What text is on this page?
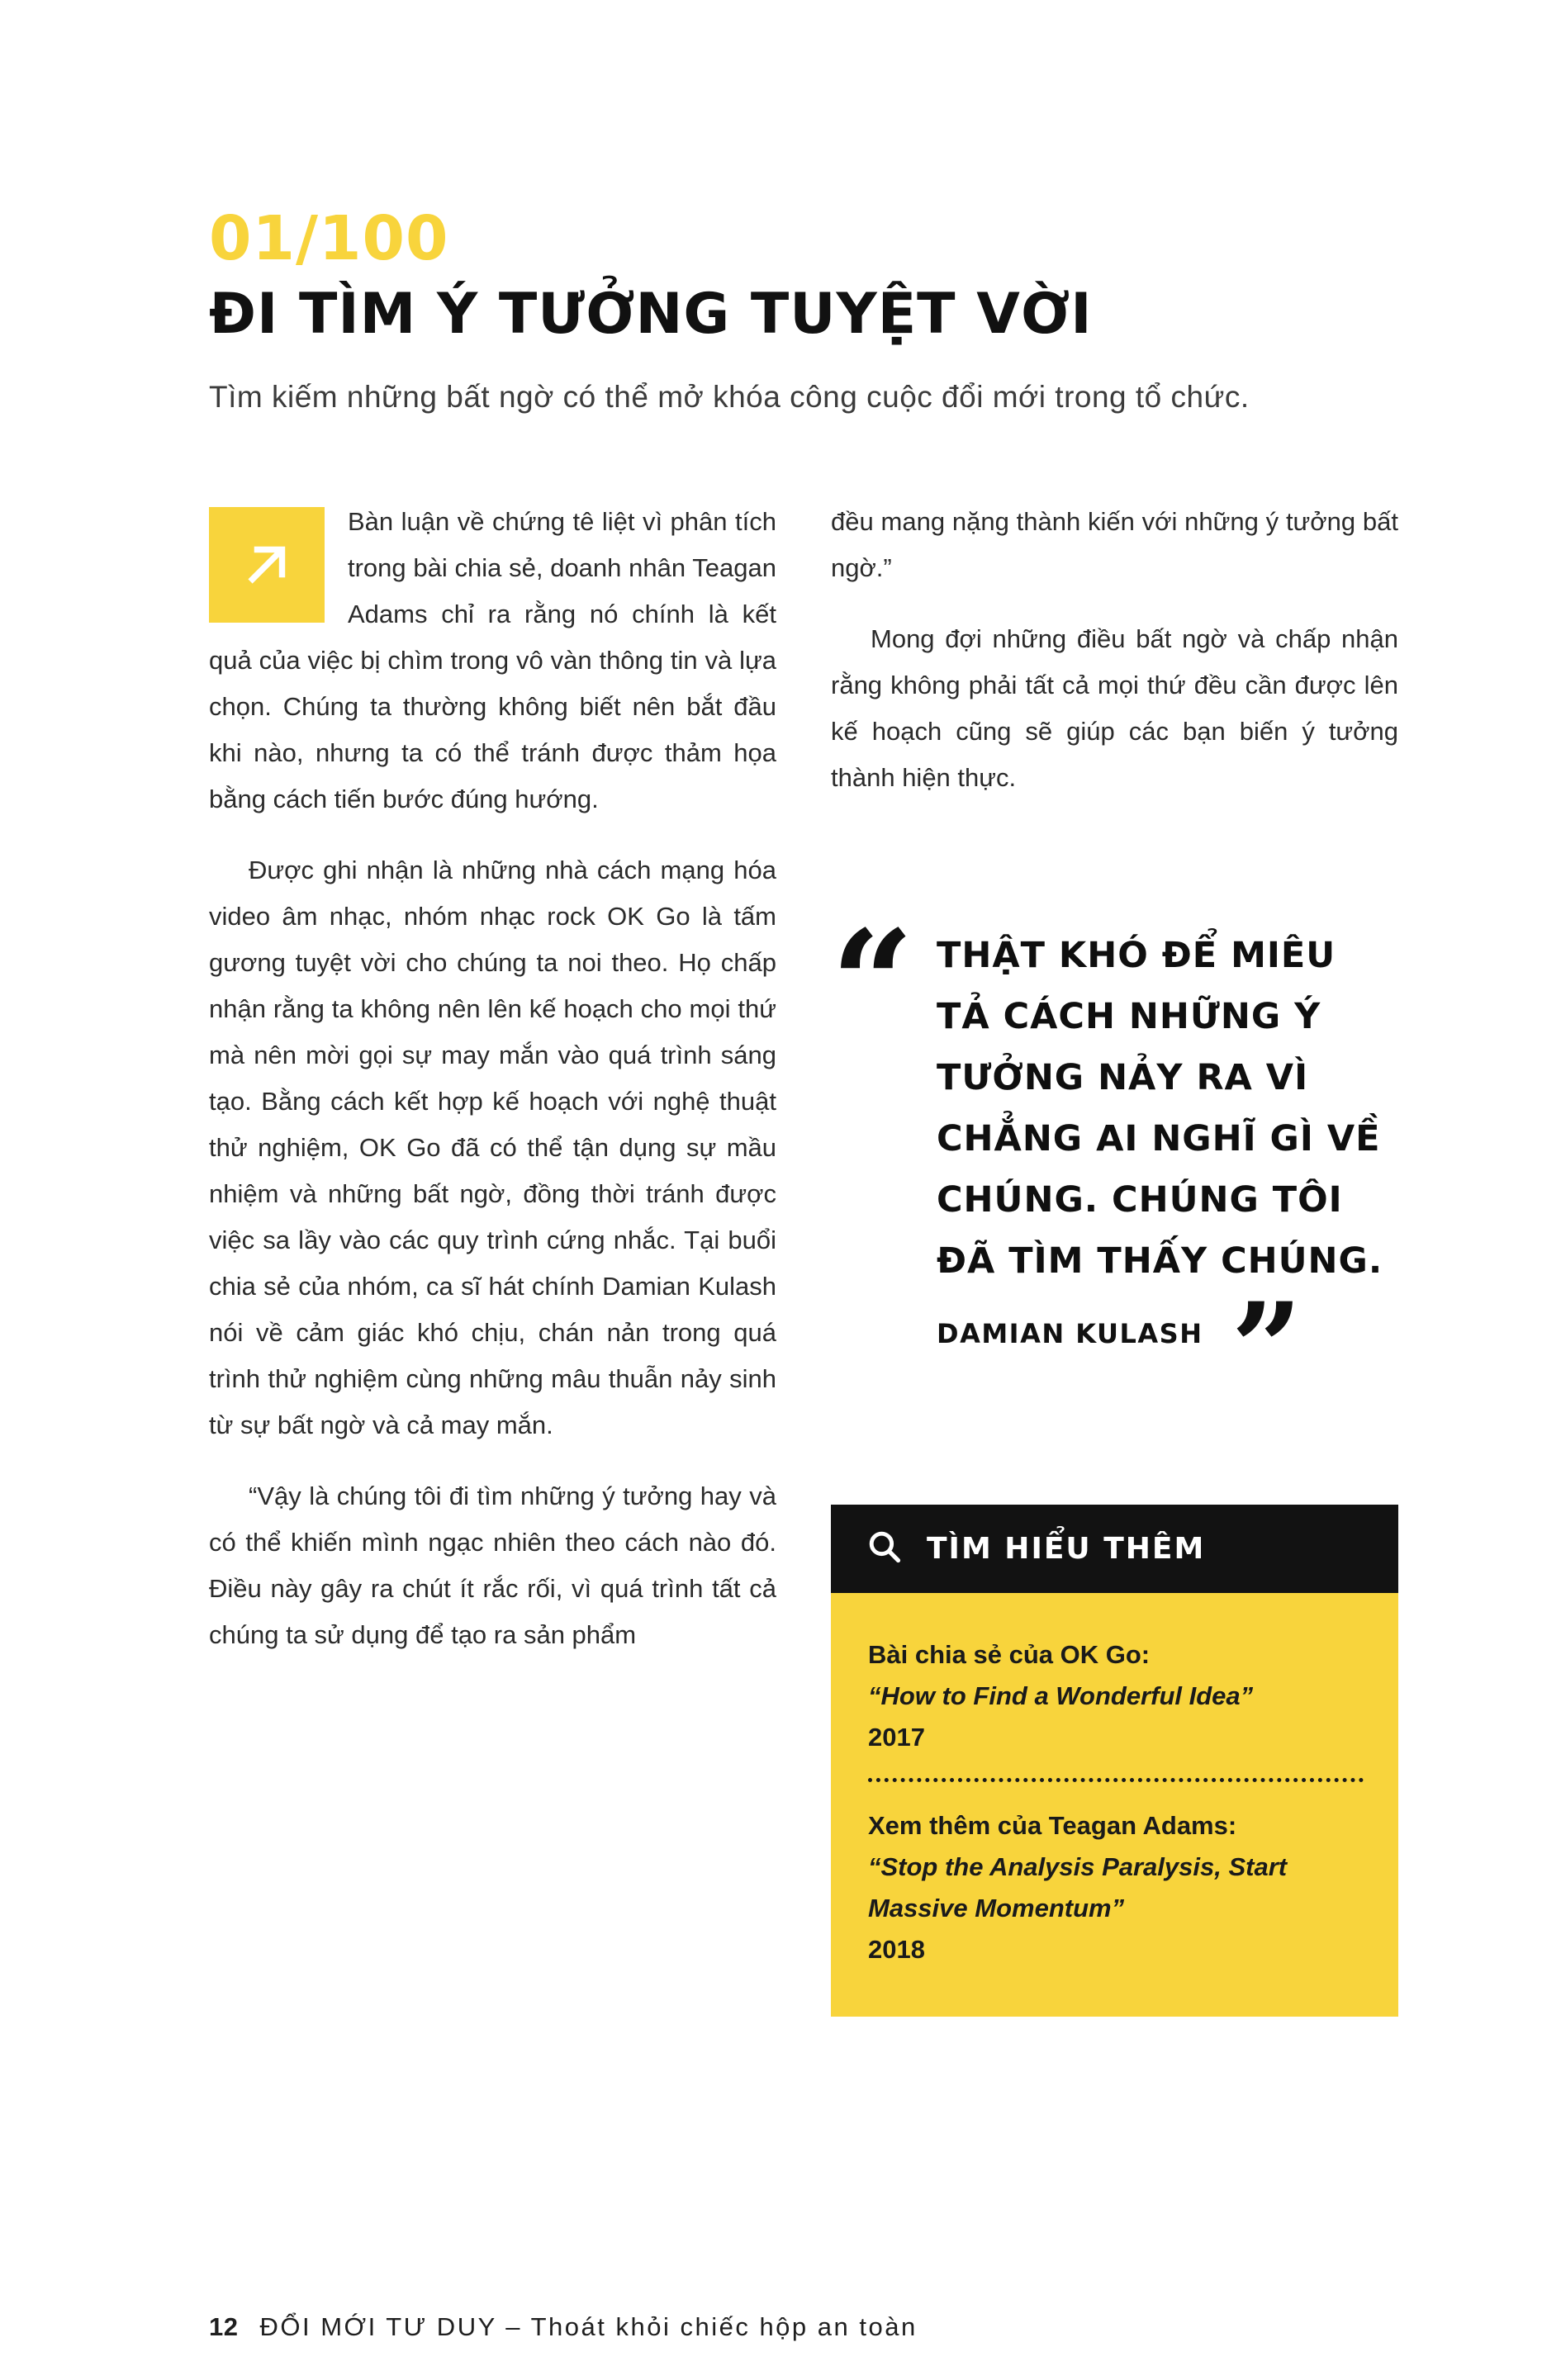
01/100
ĐI TÌM Ý TƯỞNG TUYỆT VỜI

Tìm kiếm những bất ngờ có thể mở khóa công cuộc đổi mới trong tổ chức.

Bàn luận về chứng tê liệt vì phân tích trong bài chia sẻ, doanh nhân Teagan Adams chỉ ra rằng nó chính là kết quả của việc bị chìm trong vô vàn thông tin và lựa chọn. Chúng ta thường không biết nên bắt đầu khi nào, nhưng ta có thể tránh được thảm họa bằng cách tiến bước đúng hướng.

Được ghi nhận là những nhà cách mạng hóa video âm nhạc, nhóm nhạc rock OK Go là tấm gương tuyệt vời cho chúng ta noi theo. Họ chấp nhận rằng ta không nên lên kế hoạch cho mọi thứ mà nên mời gọi sự may mắn vào quá trình sáng tạo. Bằng cách kết hợp kế hoạch với nghệ thuật thử nghiệm, OK Go đã có thể tận dụng sự mầu nhiệm và những bất ngờ, đồng thời tránh được việc sa lầy vào các quy trình cứng nhắc. Tại buổi chia sẻ của nhóm, ca sĩ hát chính Damian Kulash nói về cảm giác khó chịu, chán nản trong quá trình thử nghiệm cùng những mâu thuẫn nảy sinh từ sự bất ngờ và cả may mắn.

“Vậy là chúng tôi đi tìm những ý tưởng hay và có thể khiến mình ngạc nhiên theo cách nào đó. Điều này gây ra chút ít rắc rối, vì quá trình tất cả chúng ta sử dụng để tạo ra sản phẩm

đều mang nặng thành kiến với những ý tưởng bất ngờ.”

Mong đợi những điều bất ngờ và chấp nhận rằng không phải tất cả mọi thứ đều cần được lên kế hoạch cũng sẽ giúp các bạn biến ý tưởng thành hiện thực.

“ THẬT KHÓ ĐỂ MIÊU TẢ CÁCH NHỮNG Ý TƯỞNG NẢY RA VÌ CHẲNG AI NGHĨ GÌ VỀ CHÚNG. CHÚNG TÔI ĐÃ TÌM THẤY CHÚNG.
DAMIAN KULASH ”
TÌM HIỂU THÊM
Bài chia sẻ của OK Go:
“How to Find a Wonderful Idea”
2017
Xem thêm của Teagan Adams:
“Stop the Analysis Paralysis, Start Massive Momentum”
2018
12 ĐỔI MỚI TƯ DUY – Thoát khỏi chiếc hộp an toàn
